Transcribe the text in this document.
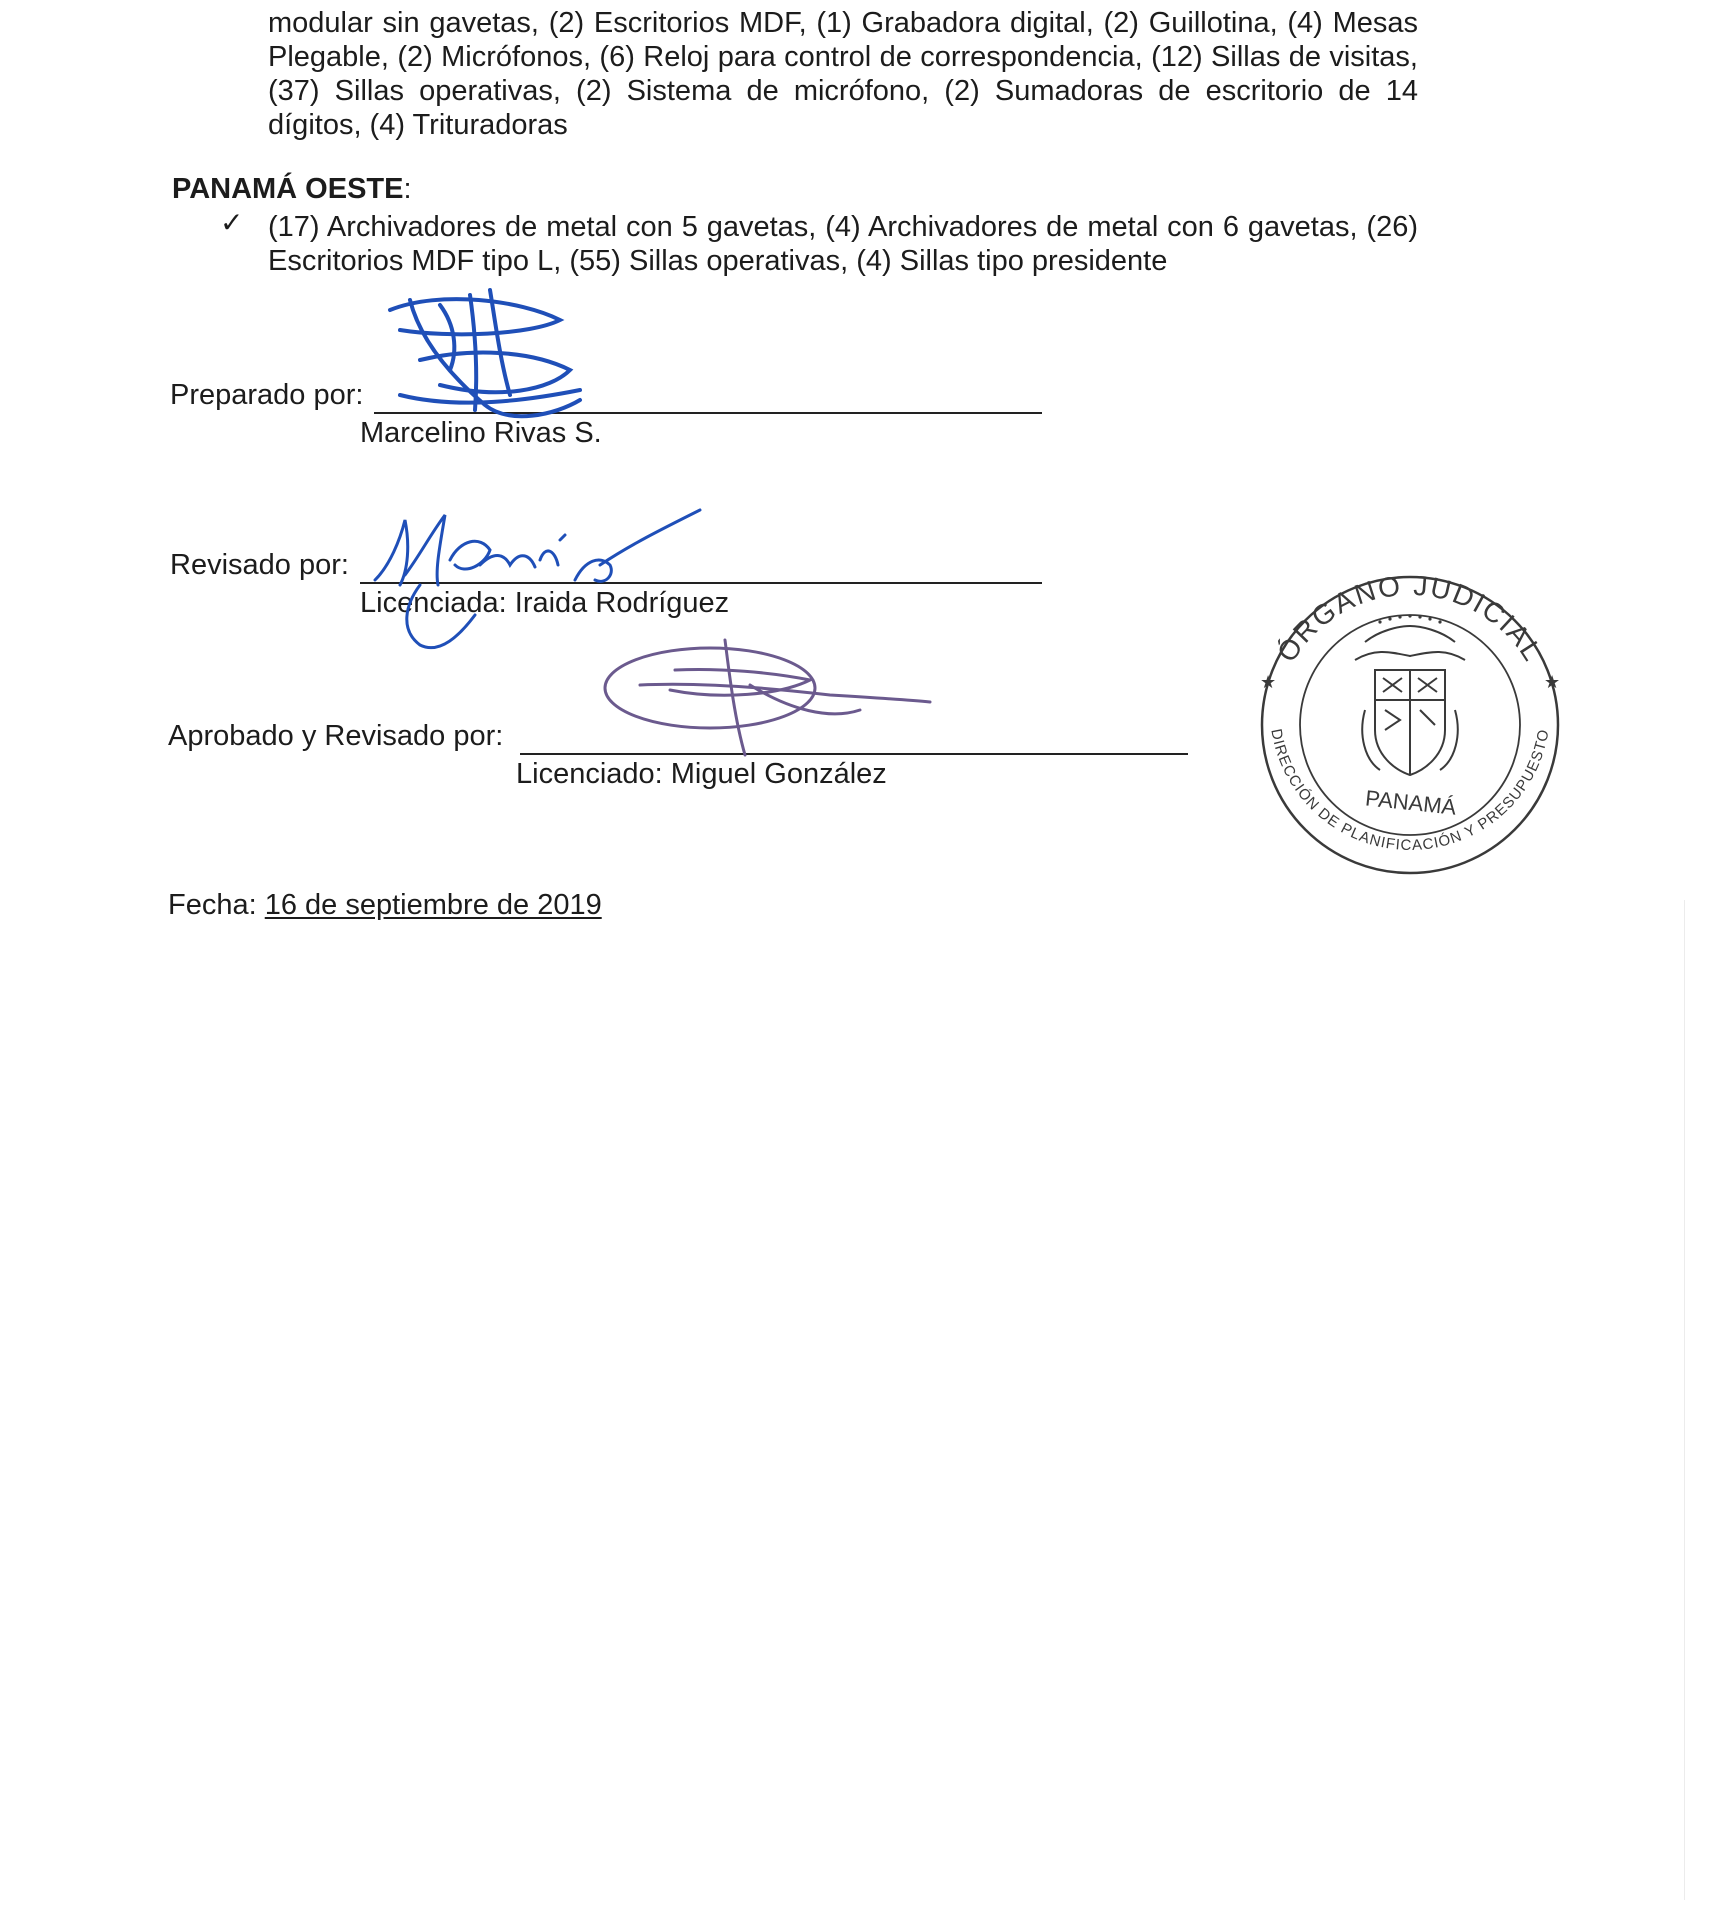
modular sin gavetas, (2) Escritorios MDF, (1) Grabadora digital, (2) Guillotina, (4) Mesas Plegable, (2) Micrófonos, (6) Reloj para control de correspondencia, (12) Sillas de visitas, (37) Sillas operativas, (2) Sistema de micrófono, (2) Sumadoras de escritorio de 14 dígitos, (4) Trituradoras

PANAMÁ OESTE:
✓ (17) Archivadores de metal con 5 gavetas, (4) Archivadores de metal con 6 gavetas, (26) Escritorios MDF tipo L, (55) Sillas operativas, (4) Sillas tipo presidente

Preparado por:
Marcelino Rivas S.
Revisado por:
Licenciada: Iraida Rodríguez
Aprobado y Revisado por:
Licenciado: Miguel González
ÓRGANO JUDICIAL
DIRECCIÓN DE PLANIFICACIÓN Y PRESUPUESTO
★	★
PANAMÁ
Fecha: 16 de septiembre de 2019
